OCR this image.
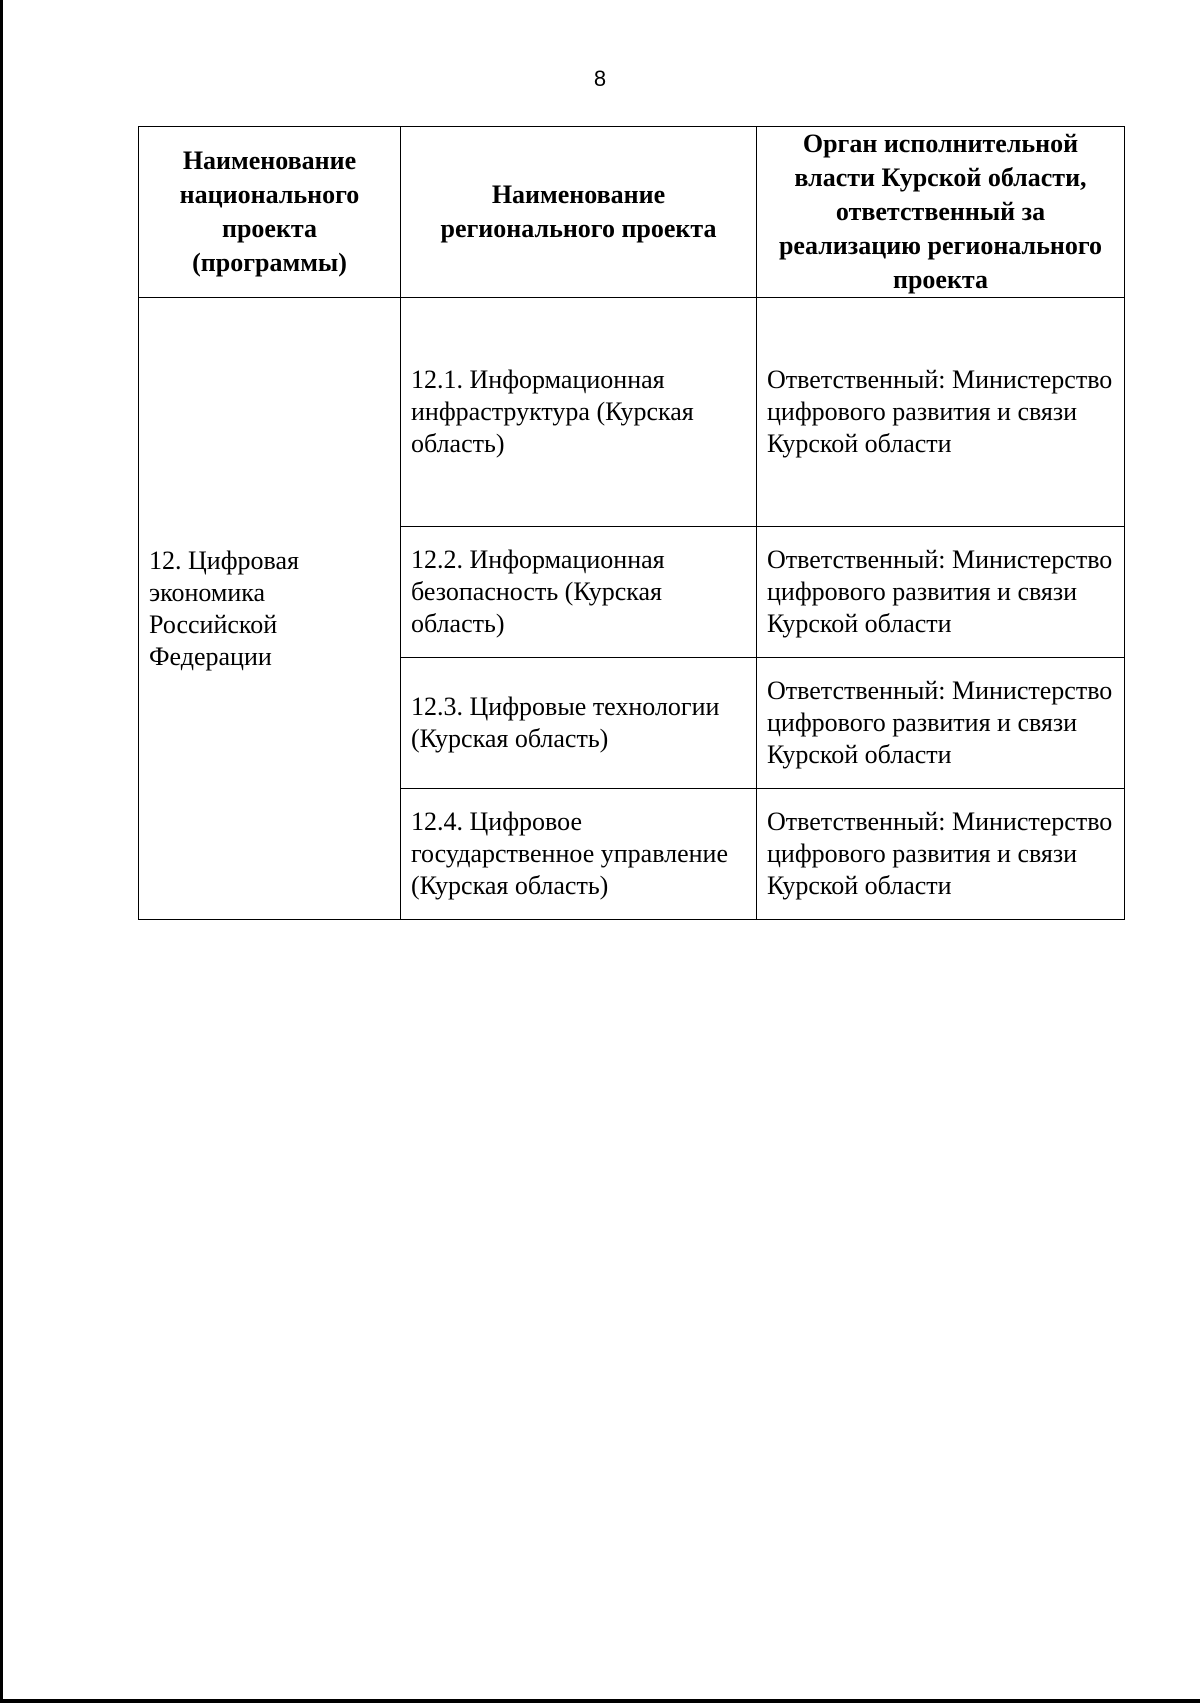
8
Наименование национального проекта (программы)	Наименование регионального проекта	Орган исполнительной власти Курской области, ответственный за реализацию регионального проекта
12. Цифровая экономика Российской Федерации	12.1. Информационная инфраструктура (Курская область)	Ответственный: Министерство цифрового развития и связи Курской области
	12.2. Информационная безопасность (Курская область)	Ответственный: Министерство цифрового развития и связи Курской области
	12.3. Цифровые технологии (Курская область)	Ответственный: Министерство цифрового развития и связи Курской области
	12.4. Цифровое государственное управление (Курская область)	Ответственный: Министерство цифрового развития и связи Курской области
